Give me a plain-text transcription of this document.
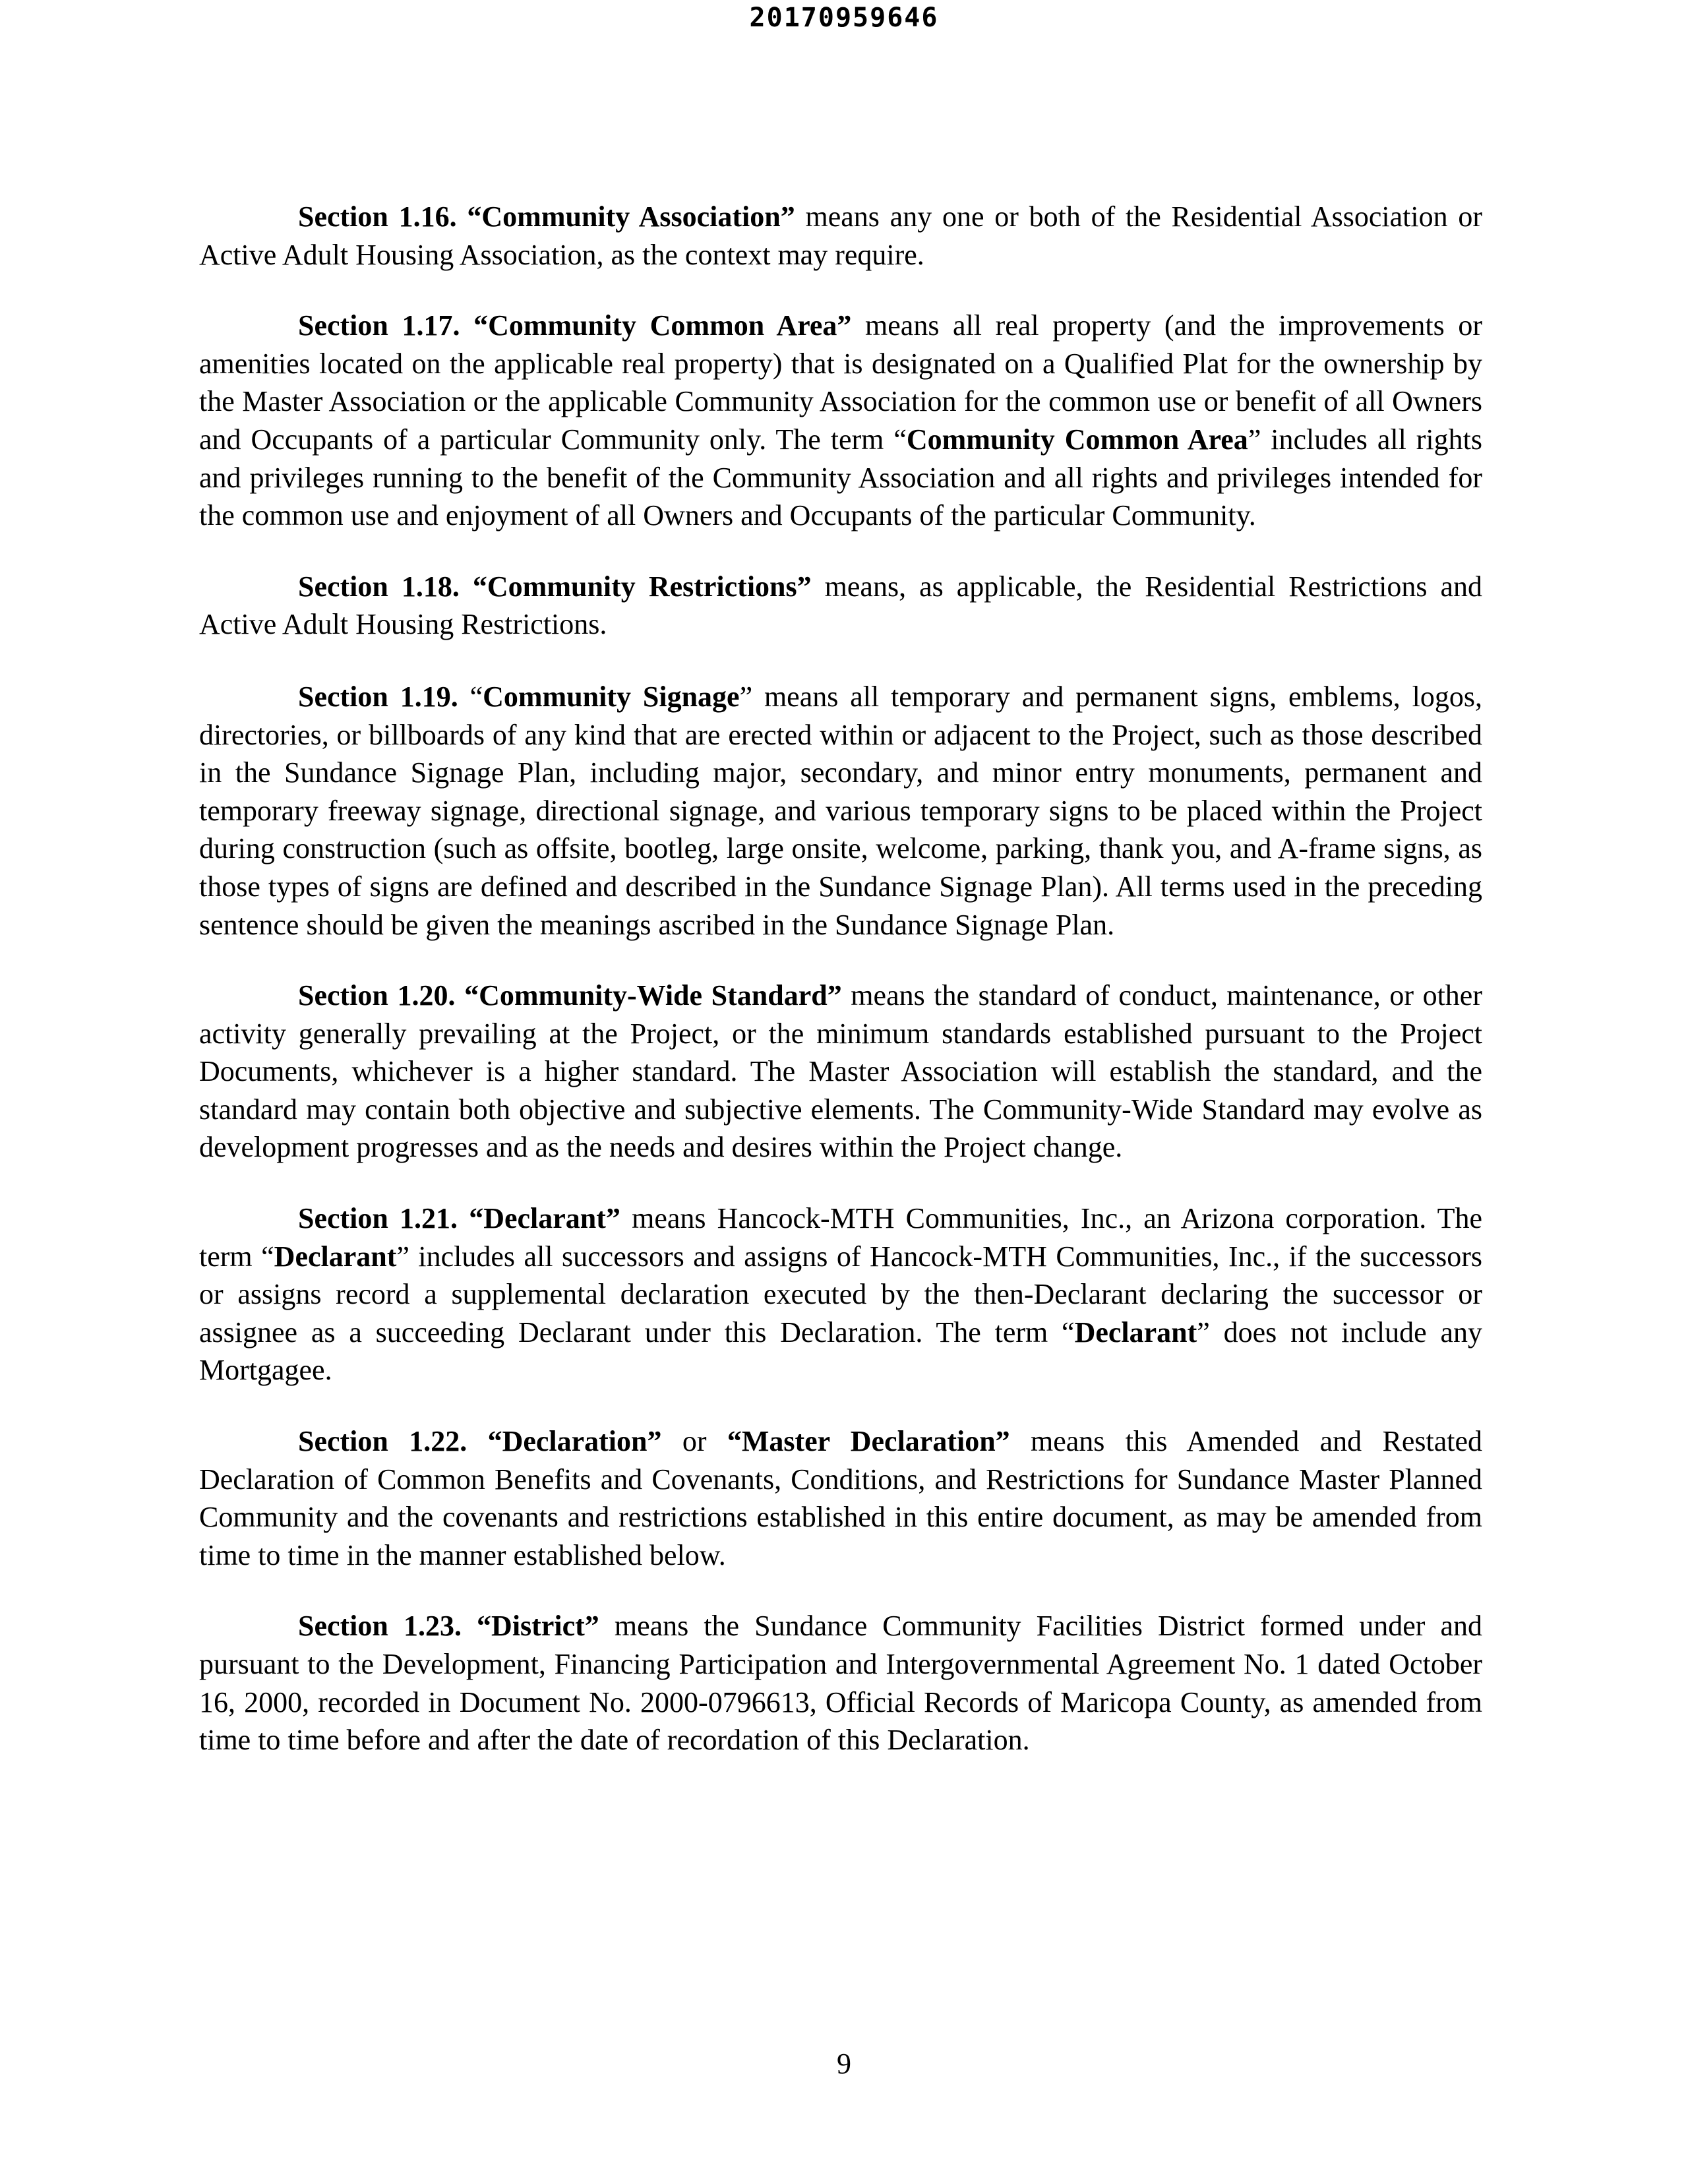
20170959646

Section 1.16. “Community Association” means any one or both of the Residential Association or Active Adult Housing Association, as the context may require.

Section 1.17. “Community Common Area” means all real property (and the improvements or amenities located on the applicable real property) that is designated on a Qualified Plat for the ownership by the Master Association or the applicable Community Association for the common use or benefit of all Owners and Occupants of a particular Community only. The term “Community Common Area” includes all rights and privileges running to the benefit of the Community Association and all rights and privileges intended for the common use and enjoyment of all Owners and Occupants of the particular Community.

Section 1.18. “Community Restrictions” means, as applicable, the Residential Restrictions and Active Adult Housing Restrictions.

Section 1.19. “Community Signage” means all temporary and permanent signs, emblems, logos, directories, or billboards of any kind that are erected within or adjacent to the Project, such as those described in the Sundance Signage Plan, including major, secondary, and minor entry monuments, permanent and temporary freeway signage, directional signage, and various temporary signs to be placed within the Project during construction (such as offsite, bootleg, large onsite, welcome, parking, thank you, and A-frame signs, as those types of signs are defined and described in the Sundance Signage Plan). All terms used in the preceding sentence should be given the meanings ascribed in the Sundance Signage Plan.

Section 1.20. “Community-Wide Standard” means the standard of conduct, maintenance, or other activity generally prevailing at the Project, or the minimum standards established pursuant to the Project Documents, whichever is a higher standard. The Master Association will establish the standard, and the standard may contain both objective and subjective elements. The Community-Wide Standard may evolve as development progresses and as the needs and desires within the Project change.

Section 1.21. “Declarant” means Hancock-MTH Communities, Inc., an Arizona corporation. The term “Declarant” includes all successors and assigns of Hancock-MTH Communities, Inc., if the successors or assigns record a supplemental declaration executed by the then-Declarant declaring the successor or assignee as a succeeding Declarant under this Declaration. The term “Declarant” does not include any Mortgagee.

Section 1.22. “Declaration” or “Master Declaration” means this Amended and Restated Declaration of Common Benefits and Covenants, Conditions, and Restrictions for Sundance Master Planned Community and the covenants and restrictions established in this entire document, as may be amended from time to time in the manner established below.

Section 1.23. “District” means the Sundance Community Facilities District formed under and pursuant to the Development, Financing Participation and Intergovernmental Agreement No. 1 dated October 16, 2000, recorded in Document No. 2000-0796613, Official Records of Maricopa County, as amended from time to time before and after the date of recordation of this Declaration.

9
